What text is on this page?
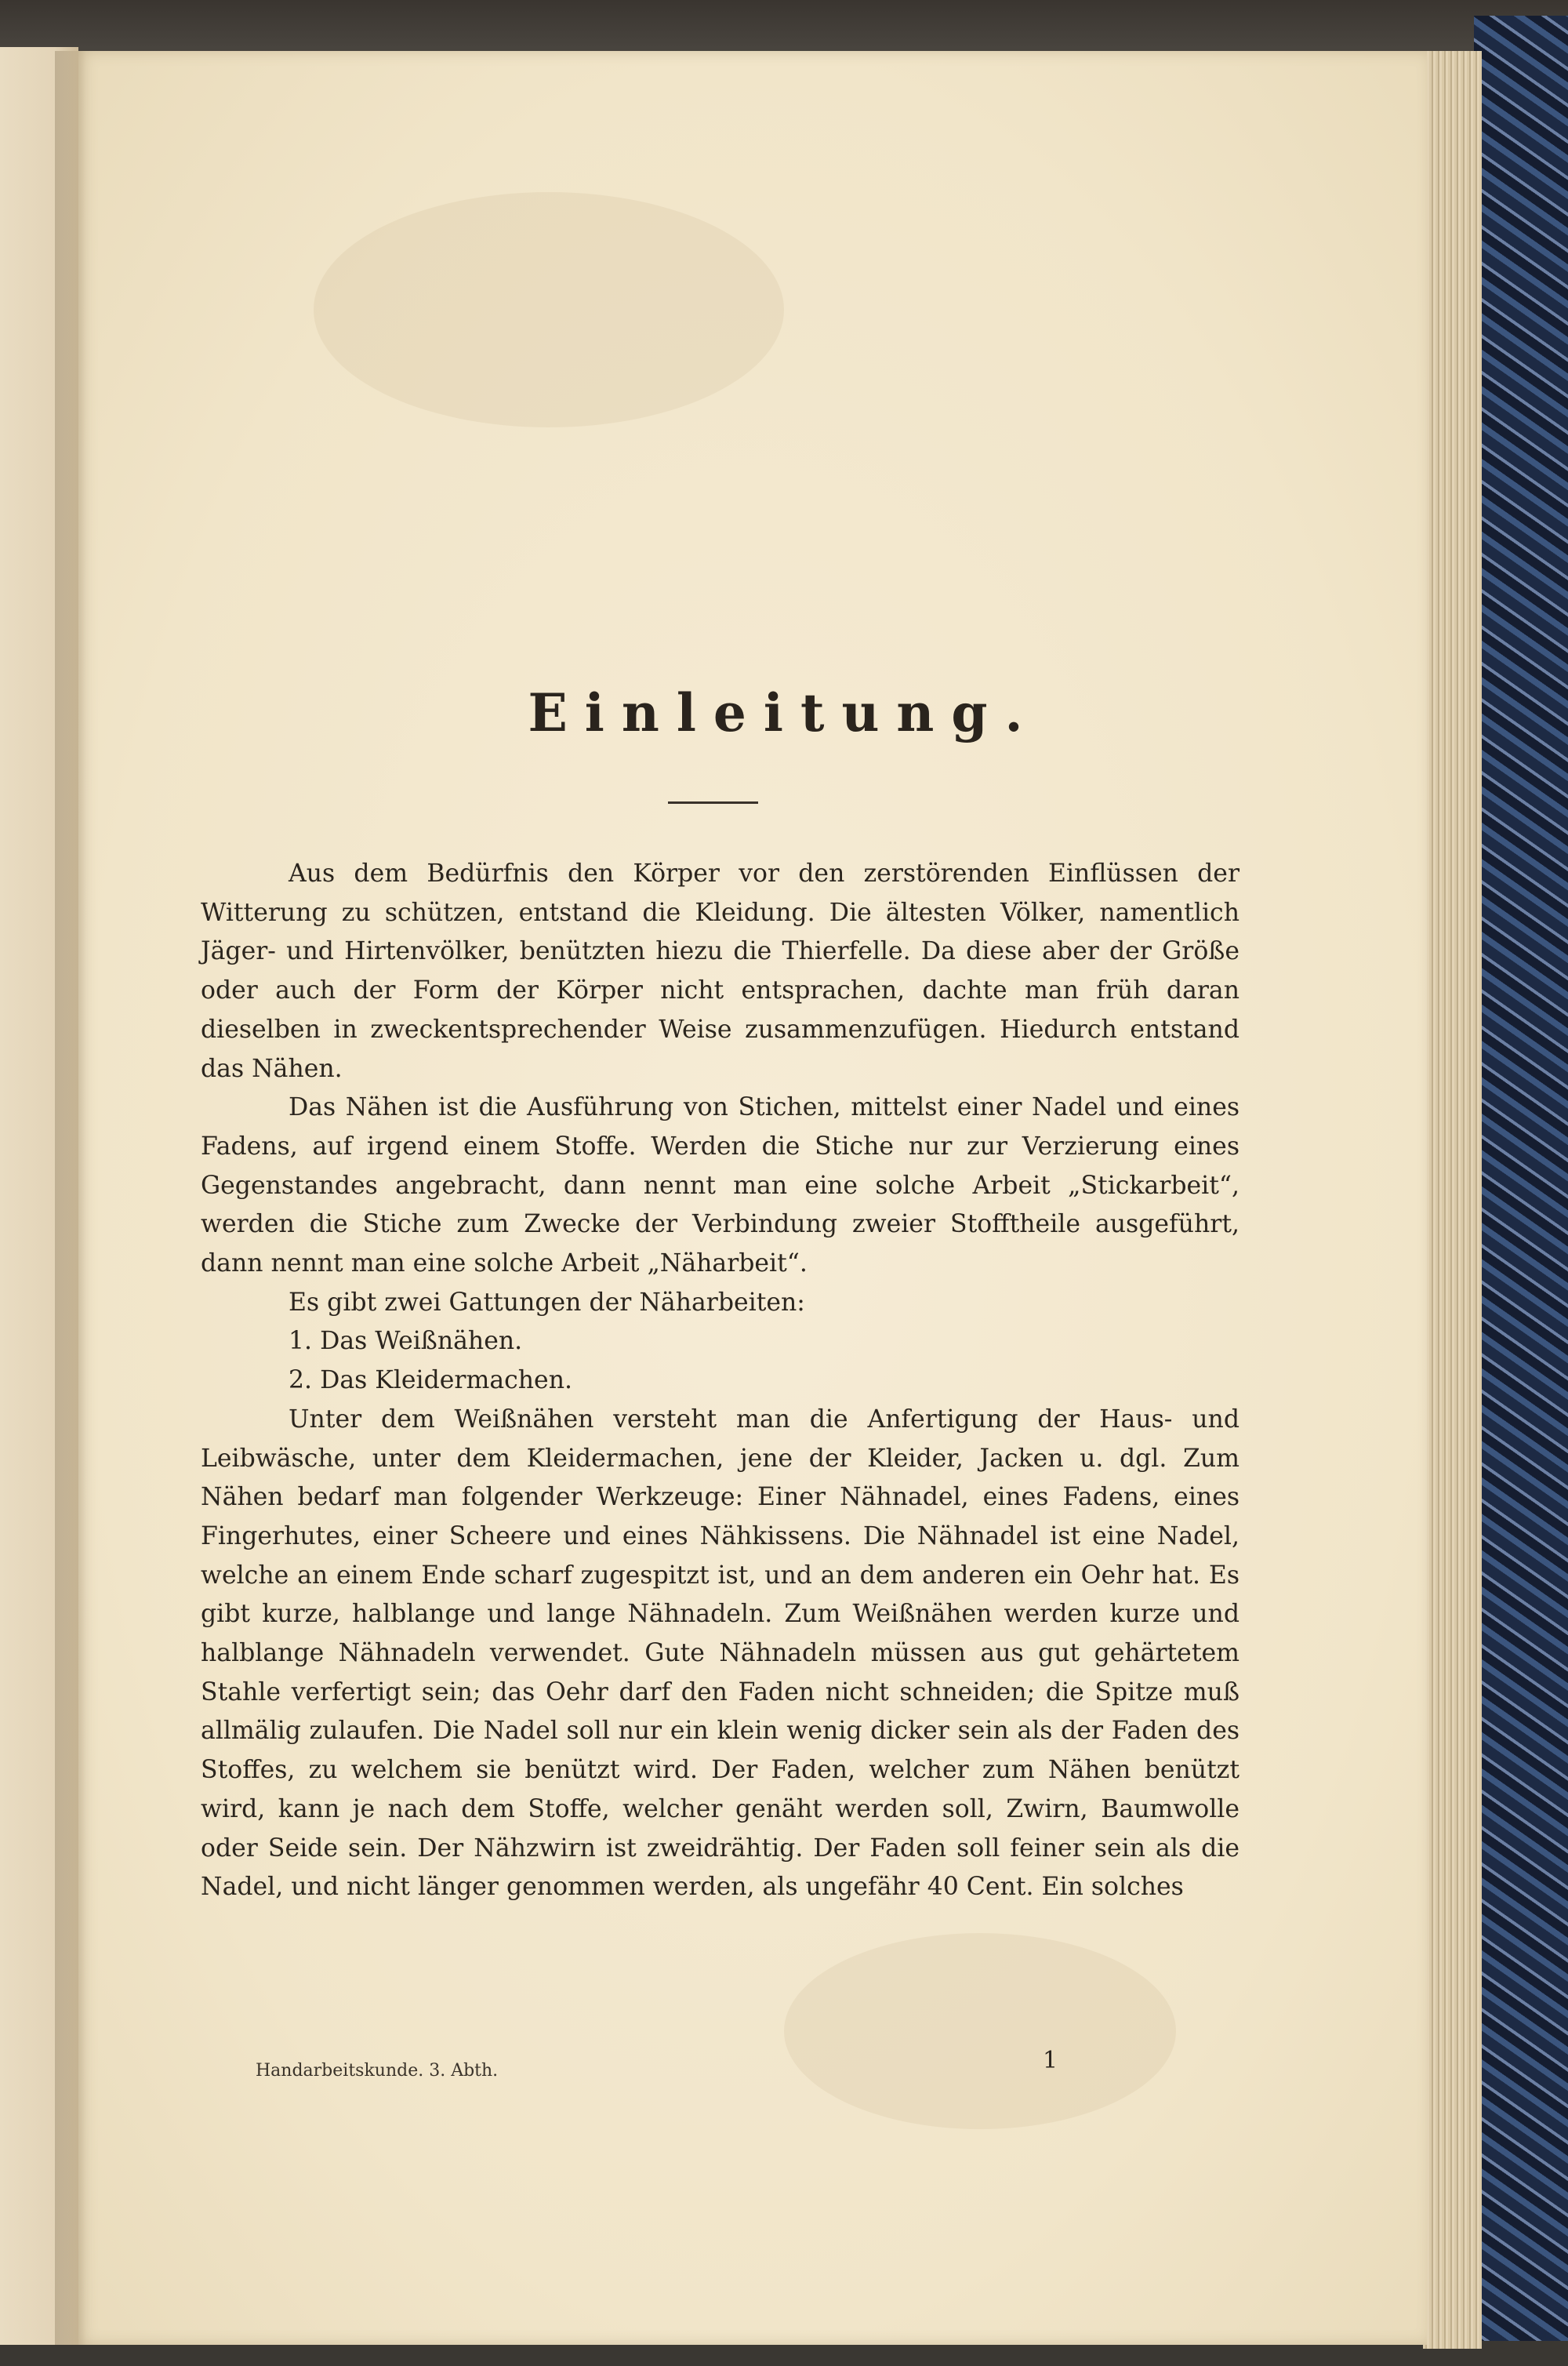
Einleitung.

Aus dem Bedürfnis den Körper vor den zerstörenden Einflüssen der Witterung zu schützen, entstand die Kleidung. Die ältesten Völker, namentlich Jäger- und Hirtenvölker, benützten hiezu die Thierfelle. Da diese aber der Größe oder auch der Form der Körper nicht entsprachen, dachte man früh daran dieselben in zweckentsprechender Weise zusammenzufügen. Hiedurch entstand das Nähen.

Das Nähen ist die Ausführung von Stichen, mittelst einer Nadel und eines Fadens, auf irgend einem Stoffe. Werden die Stiche nur zur Verzierung eines Gegenstandes angebracht, dann nennt man eine solche Arbeit „Stickarbeit“, werden die Stiche zum Zwecke der Verbindung zweier Stofftheile ausgeführt, dann nennt man eine solche Arbeit „Näharbeit“.

Es gibt zwei Gattungen der Näharbeiten:

1. Das Weißnähen.

2. Das Kleidermachen.

Unter dem Weißnähen versteht man die Anfertigung der Haus- und Leibwäsche, unter dem Kleidermachen, jene der Kleider, Jacken u. dgl. Zum Nähen bedarf man folgender Werkzeuge: Einer Nähnadel, eines Fadens, eines Fingerhutes, einer Scheere und eines Nähkissens. Die Nähnadel ist eine Nadel, welche an einem Ende scharf zugespitzt ist, und an dem anderen ein Oehr hat. Es gibt kurze, halblange und lange Nähnadeln. Zum Weißnähen werden kurze und halblange Nähnadeln verwendet. Gute Nähnadeln müssen aus gut gehärtetem Stahle verfertigt sein; das Oehr darf den Faden nicht schneiden; die Spitze muß allmälig zulaufen. Die Nadel soll nur ein klein wenig dicker sein als der Faden des Stoffes, zu welchem sie benützt wird. Der Faden, welcher zum Nähen benützt wird, kann je nach dem Stoffe, welcher genäht werden soll, Zwirn, Baumwolle oder Seide sein. Der Nähzwirn ist zweidrähtig. Der Faden soll feiner sein als die Nadel, und nicht länger genommen werden, als ungefähr 40 Cent. Ein solches

Handarbeitskunde. 3. Abth.	1
